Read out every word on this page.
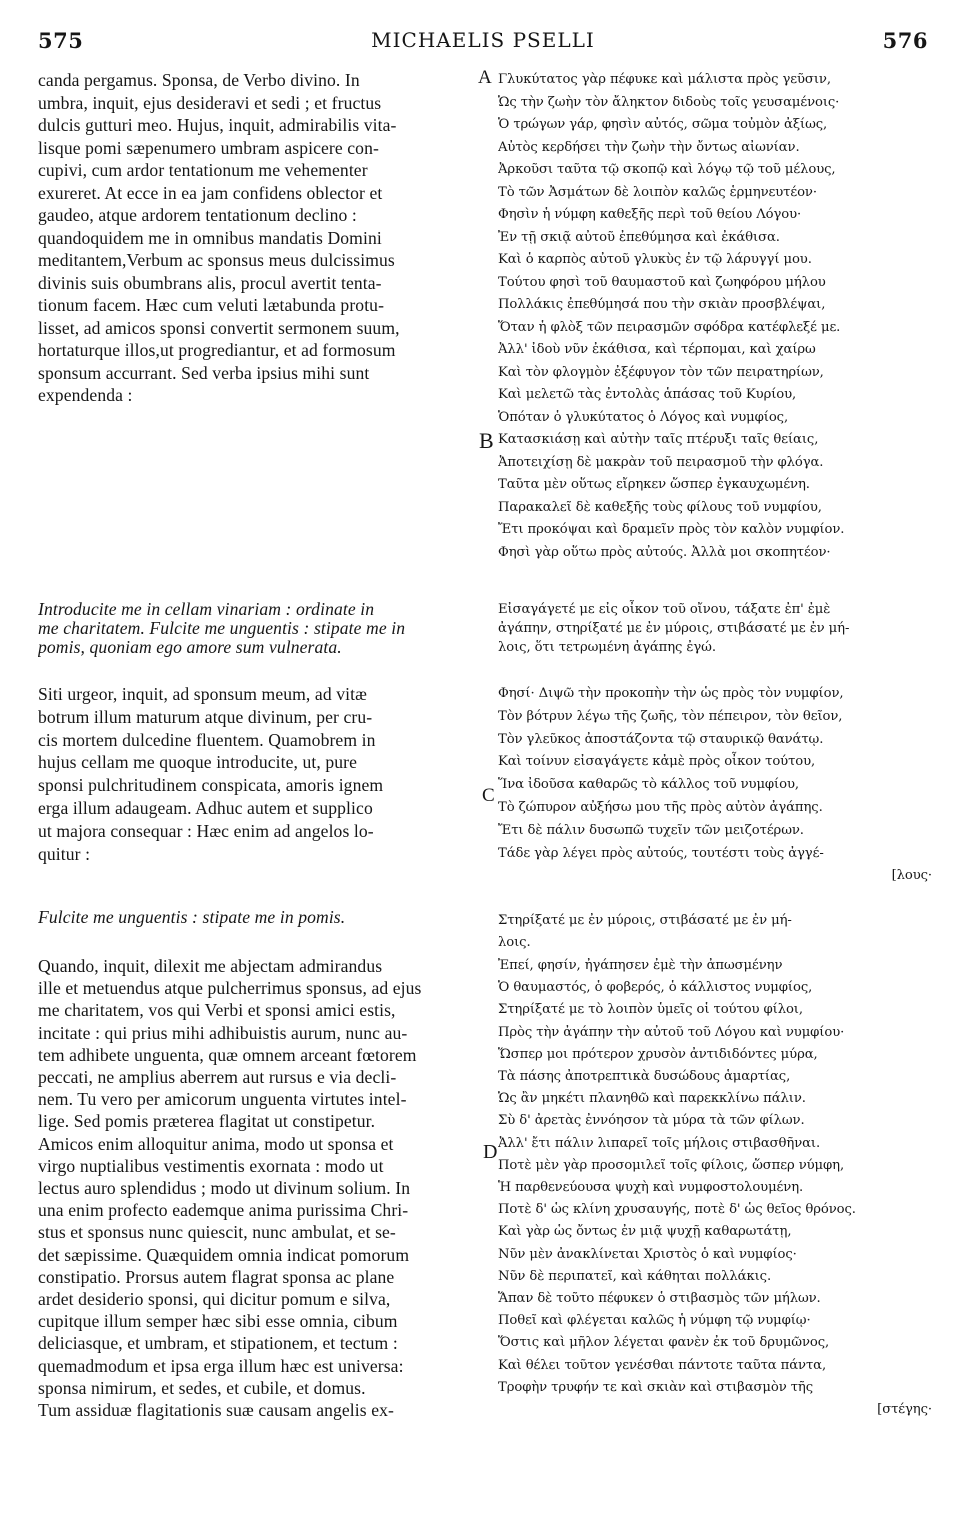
575	MICHAELIS PSELLI	576
A
B
C
D
canda pergamus. Sponsa, de Verbo divino. In
umbra, inquit, ejus desideravi et sedi ; et fructus
dulcis gutturi meo. Hujus, inquit, admirabilis vita-
lisque pomi sæpenumero umbram aspicere con-
cupivi, cum ardor tentationum me vehementer
exureret. At ecce in ea jam confidens oblector et
gaudeo, atque ardorem tentationum declino :
quandoquidem me in omnibus mandatis Domini
meditantem,Verbum ac sponsus meus dulcissimus
divinis suis obumbrans alis, procul avertit tenta-
tionum facem. Hæc cum veluti lætabunda protu-
lisset, ad amicos sponsi convertit sermonem suum,
hortaturque illos,ut progrediantur, et ad formosum
sponsum accurrant. Sed verba ipsius mihi sunt
expendenda :
Γλυκύτατος γὰρ πέφυκε καὶ μάλιστα πρὸς γεῦσιν,
Ὡς τὴν ζωὴν τὸν ἄληκτον διδοὺς τοῖς γευσαμένοις·
Ὁ τρώγων γάρ, φησὶν αὐτός, σῶμα τοὐμὸν ἀξίως,
Αὐτὸς κερδήσει τὴν ζωὴν τὴν ὄντως αἰωνίαν.
Ἀρκοῦσι ταῦτα τῷ σκοπῷ καὶ λόγῳ τῷ τοῦ μέλους,
Τὸ τῶν Ἀσμάτων δὲ λοιπὸν καλῶς ἑρμηνευτέον·
Φησὶν ἡ νύμφη καθεξῆς περὶ τοῦ θείου Λόγου·
Ἐν τῇ σκιᾷ αὐτοῦ ἐπεθύμησα καὶ ἐκάθισα.
Καὶ ὁ καρπὸς αὐτοῦ γλυκὺς ἐν τῷ λάρυγγί μου.
Τούτου φησὶ τοῦ θαυμαστοῦ καὶ ζωηφόρου μήλου
Πολλάκις ἐπεθύμησά που τὴν σκιὰν προσβλέψαι,
Ὅταν ἡ φλὸξ τῶν πειρασμῶν σφόδρα κατέφλεξέ με.
Ἀλλ' ἰδοὺ νῦν ἐκάθισα, καὶ τέρπομαι, καὶ χαίρω
Καὶ τὸν φλογμὸν ἐξέφυγον τὸν τῶν πειρατηρίων,
Καὶ μελετῶ τὰς ἐντολὰς ἁπάσας τοῦ Κυρίου,
Ὁπόταν ὁ γλυκύτατος ὁ Λόγος καὶ νυμφίος,
Κατασκιάσῃ καὶ αὐτὴν ταῖς πτέρυξι ταῖς θείαις,
Ἀποτειχίσῃ δὲ μακρὰν τοῦ πειρασμοῦ τὴν φλόγα.
Ταῦτα μὲν οὕτως εἴρηκεν ὥσπερ ἐγκαυχωμένη.
Παρακαλεῖ δὲ καθεξῆς τοὺς φίλους τοῦ νυμφίου,
Ἔτι προκόψαι καὶ δραμεῖν πρὸς τὸν καλὸν νυμφίον.
Φησὶ γὰρ οὕτω πρὸς αὐτούς. Ἀλλὰ μοι σκοπητέον·
Introducite me in cellam vinariam : ordinate in
me charitatem. Fulcite me unguentis : stipate me in
pomis, quoniam ego amore sum vulnerata.
Εἰσαγάγετέ με εἰς οἶκον τοῦ οἴνου, τάξατε ἐπ' ἐμὲ
ἀγάπην, στηρίξατέ με ἐν μύροις, στιβάσατέ με ἐν μή-
λοις, ὅτι τετρωμένη ἀγάπης ἐγώ.
Siti urgeor, inquit, ad sponsum meum, ad vitæ
botrum illum maturum atque divinum, per cru-
cis mortem dulcedine fluentem. Quamobrem in
hujus cellam me quoque introducite, ut, pure
sponsi pulchritudinem conspicata, amoris ignem
erga illum adaugeam. Adhuc autem et supplico
ut majora consequar : Hæc enim ad angelos lo-
quitur :
Φησί· Διψῶ τὴν προκοπὴν τὴν ὡς πρὸς τὸν νυμφίον,
Τὸν βότρυν λέγω τῆς ζωῆς, τὸν πέπειρον, τὸν θεῖον,
Τὸν γλεῦκος ἀποστάζοντα τῷ σταυρικῷ θανάτῳ.
Καὶ τοίνυν εἰσαγάγετε κἀμὲ πρὸς οἶκον τούτου,
Ἵνα ἰδοῦσα καθαρῶς τὸ κάλλος τοῦ νυμφίου,
Τὸ ζώπυρον αὐξήσω μου τῆς πρὸς αὐτὸν ἀγάπης.
Ἔτι δὲ πάλιν δυσωπῶ τυχεῖν τῶν μειζοτέρων.
Τάδε γὰρ λέγει πρὸς αὐτούς, τουτέστι τοὺς ἀγγέ-
[λους·
Fulcite me unguentis : stipate me in pomis.	Στηρίξατέ με ἐν μύροις, στιβάσατέ με ἐν μή-
λοις.
Quando, inquit, dilexit me abjectam admirandus
ille et metuendus atque pulcherrimus sponsus, ad ejus
me charitatem, vos qui Verbi et sponsi amici estis,
incitate : qui prius mihi adhibuistis aurum, nunc au-
tem adhibete unguenta, quæ omnem arceant fœtorem
peccati, ne amplius aberrem aut rursus e via decli-
nem. Tu vero per amicorum unguenta virtutes intel-
lige. Sed pomis præterea flagitat ut constipetur.
Amicos enim alloquitur anima, modo ut sponsa et
virgo nuptialibus vestimentis exornata : modo ut
lectus auro splendidus ; modo ut divinum solium. In
una enim profecto eademque anima purissima Chri-
stus et sponsus nunc quiescit, nunc ambulat, et se-
det sæpissime. Quæquidem omnia indicat pomorum
constipatio. Prorsus autem flagrat sponsa ac plane
ardet desiderio sponsi, qui dicitur pomum e silva,
cupitque illum semper hæc sibi esse omnia, cibum
deliciasque, et umbram, et stipationem, et tectum :
quemadmodum et ipsa erga illum hæc est universa:
sponsa nimirum, et sedes, et cubile, et domus.
Tum assiduæ flagitationis suæ causam angelis ex-
Ἐπεί, φησίν, ἠγάπησεν ἐμὲ τὴν ἀπωσμένην
Ὁ θαυμαστός, ὁ φοβερός, ὁ κάλλιστος νυμφίος,
Στηρίξατέ με τὸ λοιπὸν ὑμεῖς οἱ τούτου φίλοι,
Πρὸς τὴν ἀγάπην τὴν αὐτοῦ τοῦ Λόγου καὶ νυμφίου·
Ὥσπερ μοι πρότερον χρυσὸν ἀντιδιδόντες μύρα,
Τὰ πάσης ἀποτρεπτικὰ δυσώδους ἁμαρτίας,
Ὡς ἂν μηκέτι πλανηθῶ καὶ παρεκκλίνω πάλιν.
Σὺ δ' ἀρετὰς ἐννόησον τὰ μύρα τὰ τῶν φίλων.
Ἀλλ' ἔτι πάλιν λιπαρεῖ τοῖς μήλοις στιβασθῆναι.
Ποτὲ μὲν γὰρ προσομιλεῖ τοῖς φίλοις, ὥσπερ νύμφη,
Ἡ παρθενεύουσα ψυχὴ καὶ νυμφοστολουμένη.
Ποτὲ δ' ὡς κλίνη χρυσαυγής, ποτὲ δ' ὡς θεῖος θρόνος.
Καὶ γὰρ ὡς ὄντως ἐν μιᾷ ψυχῇ καθαρωτάτῃ,
Νῦν μὲν ἀνακλίνεται Χριστὸς ὁ καὶ νυμφίος·
Νῦν δὲ περιπατεῖ, καὶ κάθηται πολλάκις.
Ἅπαν δὲ τοῦτο πέφυκεν ὁ στιβασμὸς τῶν μήλων.
Ποθεῖ καὶ φλέγεται καλῶς ἡ νύμφη τῷ νυμφίῳ·
Ὅστις καὶ μῆλον λέγεται φανὲν ἐκ τοῦ δρυμῶνος,
Καὶ θέλει τοῦτον γενέσθαι πάντοτε ταῦτα πάντα,
Τροφὴν τρυφήν τε καὶ σκιὰν καὶ στιβασμὸν τῆς
[στέγης·
